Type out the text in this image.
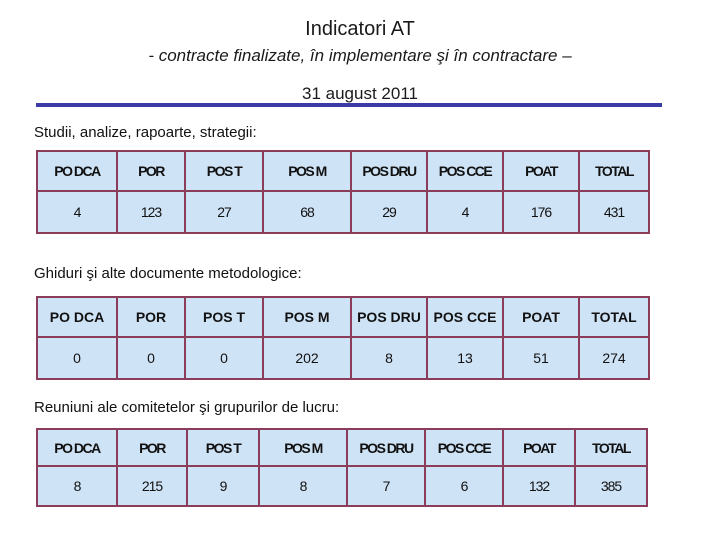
Indicatori AT
- contracte finalizate, în implementare şi în contractare –
31 august 2011
Studii, analize, rapoarte, strategii:
PO DCA	POR	POS T	POS M	POS DRU	POS CCE	POAT	TOTAL
4	123	27	68	29	4	176	431
Ghiduri şi alte documente metodologice:
PO DCA	POR	POS T	POS M	POS DRU	POS CCE	POAT	TOTAL
0	0	0	202	8	13	51	274
Reuniuni ale comitetelor şi grupurilor de lucru:
PO DCA	POR	POS T	POS M	POS DRU	POS CCE	POAT	TOTAL
8	215	9	8	7	6	132	385
